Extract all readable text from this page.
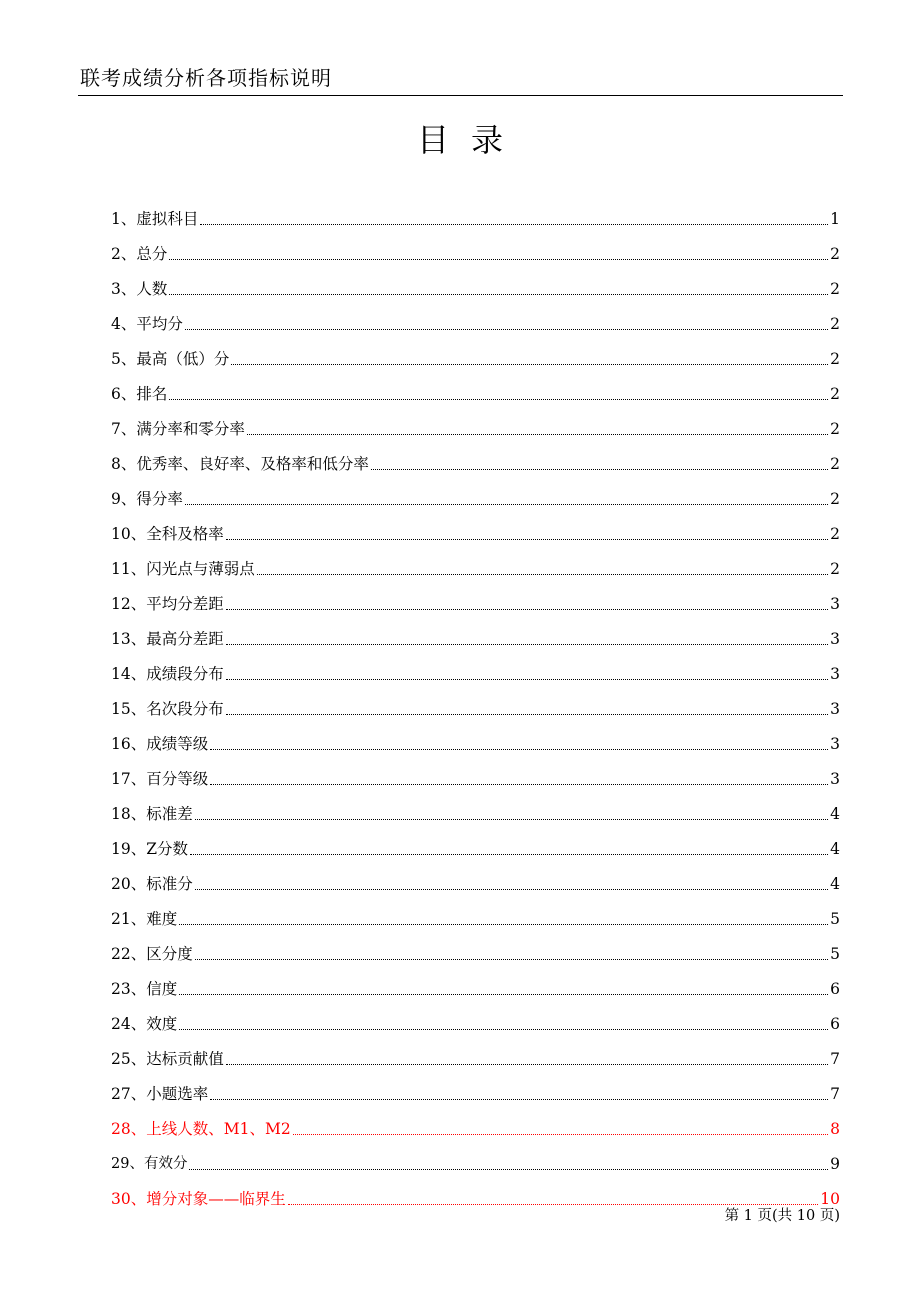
联考成绩分析各项指标说明
目录
1、虚拟科目	1
2、总分	2
3、人数	2
4、平均分	2
5、最高（低）分	2
6、排名	2
7、满分率和零分率	2
8、优秀率、良好率、及格率和低分率	2
9、得分率	2
10、全科及格率	2
11、闪光点与薄弱点	2
12、平均分差距	3
13、最高分差距	3
14、成绩段分布	3
15、名次段分布	3
16、成绩等级	3
17、百分等级	3
18、标准差	4
19、Z分数	4
20、标准分	4
21、难度	5
22、区分度	5
23、信度	6
24、效度	6
25、达标贡献值	7
27、小题选率	7
28、上线人数、M1、M2	8
29、有效分	9
30、增分对象——临界生	10
第 1 页(共 10 页)
